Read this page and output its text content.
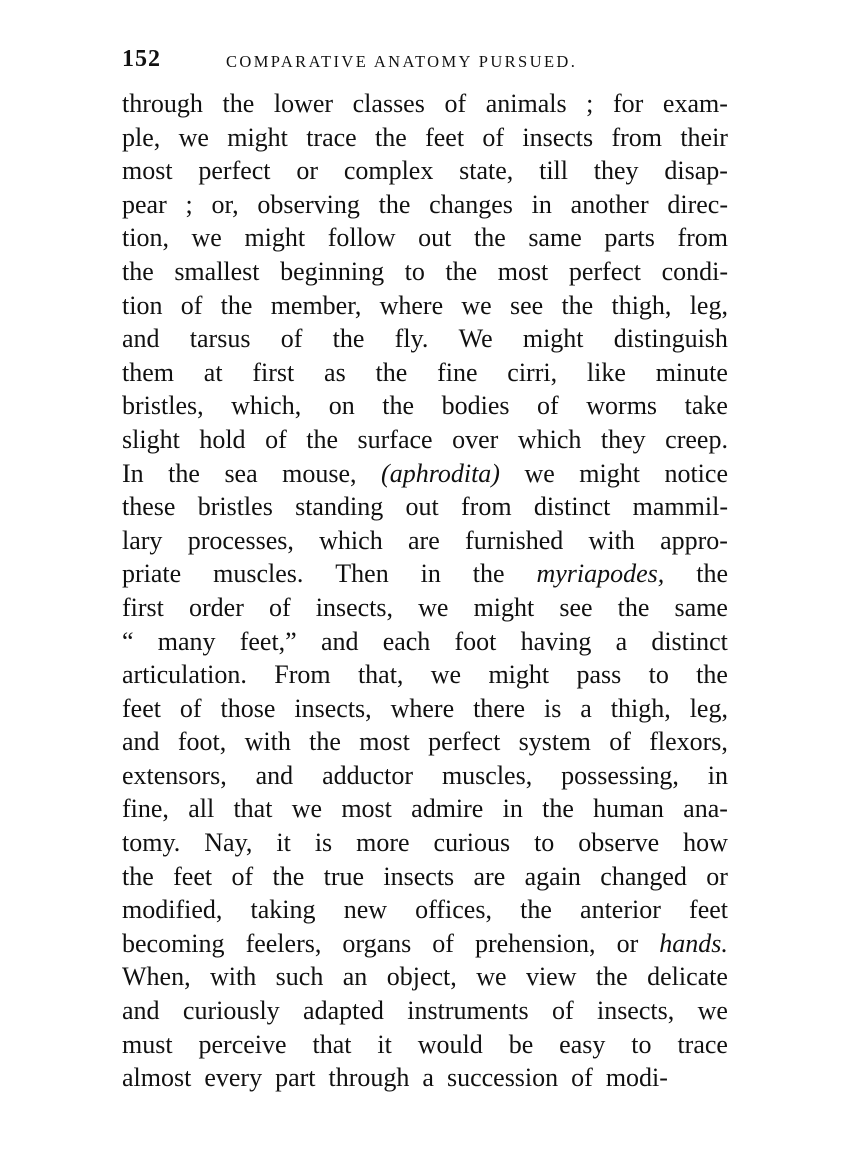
152	COMPARATIVE ANATOMY PURSUED.
through the lower classes of animals ; for exam-
ple, we might trace the feet of insects from their
most perfect or complex state, till they disap-
pear ; or, observing the changes in another direc-
tion, we might follow out the same parts from
the smallest beginning to the most perfect condi-
tion of the member, where we see the thigh, leg,
and tarsus of the fly. We might distinguish
them at first as the fine cirri, like minute
bristles, which, on the bodies of worms take
slight hold of the surface over which they creep.
In the sea mouse, (aphrodita) we might notice
these bristles standing out from distinct mammil-
lary processes, which are furnished with appro-
priate muscles. Then in the myriapodes, the
first order of insects, we might see the same
“ many feet,” and each foot having a distinct
articulation. From that, we might pass to the
feet of those insects, where there is a thigh, leg,
and foot, with the most perfect system of flexors,
extensors, and adductor muscles, possessing, in
fine, all that we most admire in the human ana-
tomy. Nay, it is more curious to observe how
the feet of the true insects are again changed or
modified, taking new offices, the anterior feet
becoming feelers, organs of prehension, or hands.
When, with such an object, we view the delicate
and curiously adapted instruments of insects, we
must perceive that it would be easy to trace
almost every part through a succession of modi-
